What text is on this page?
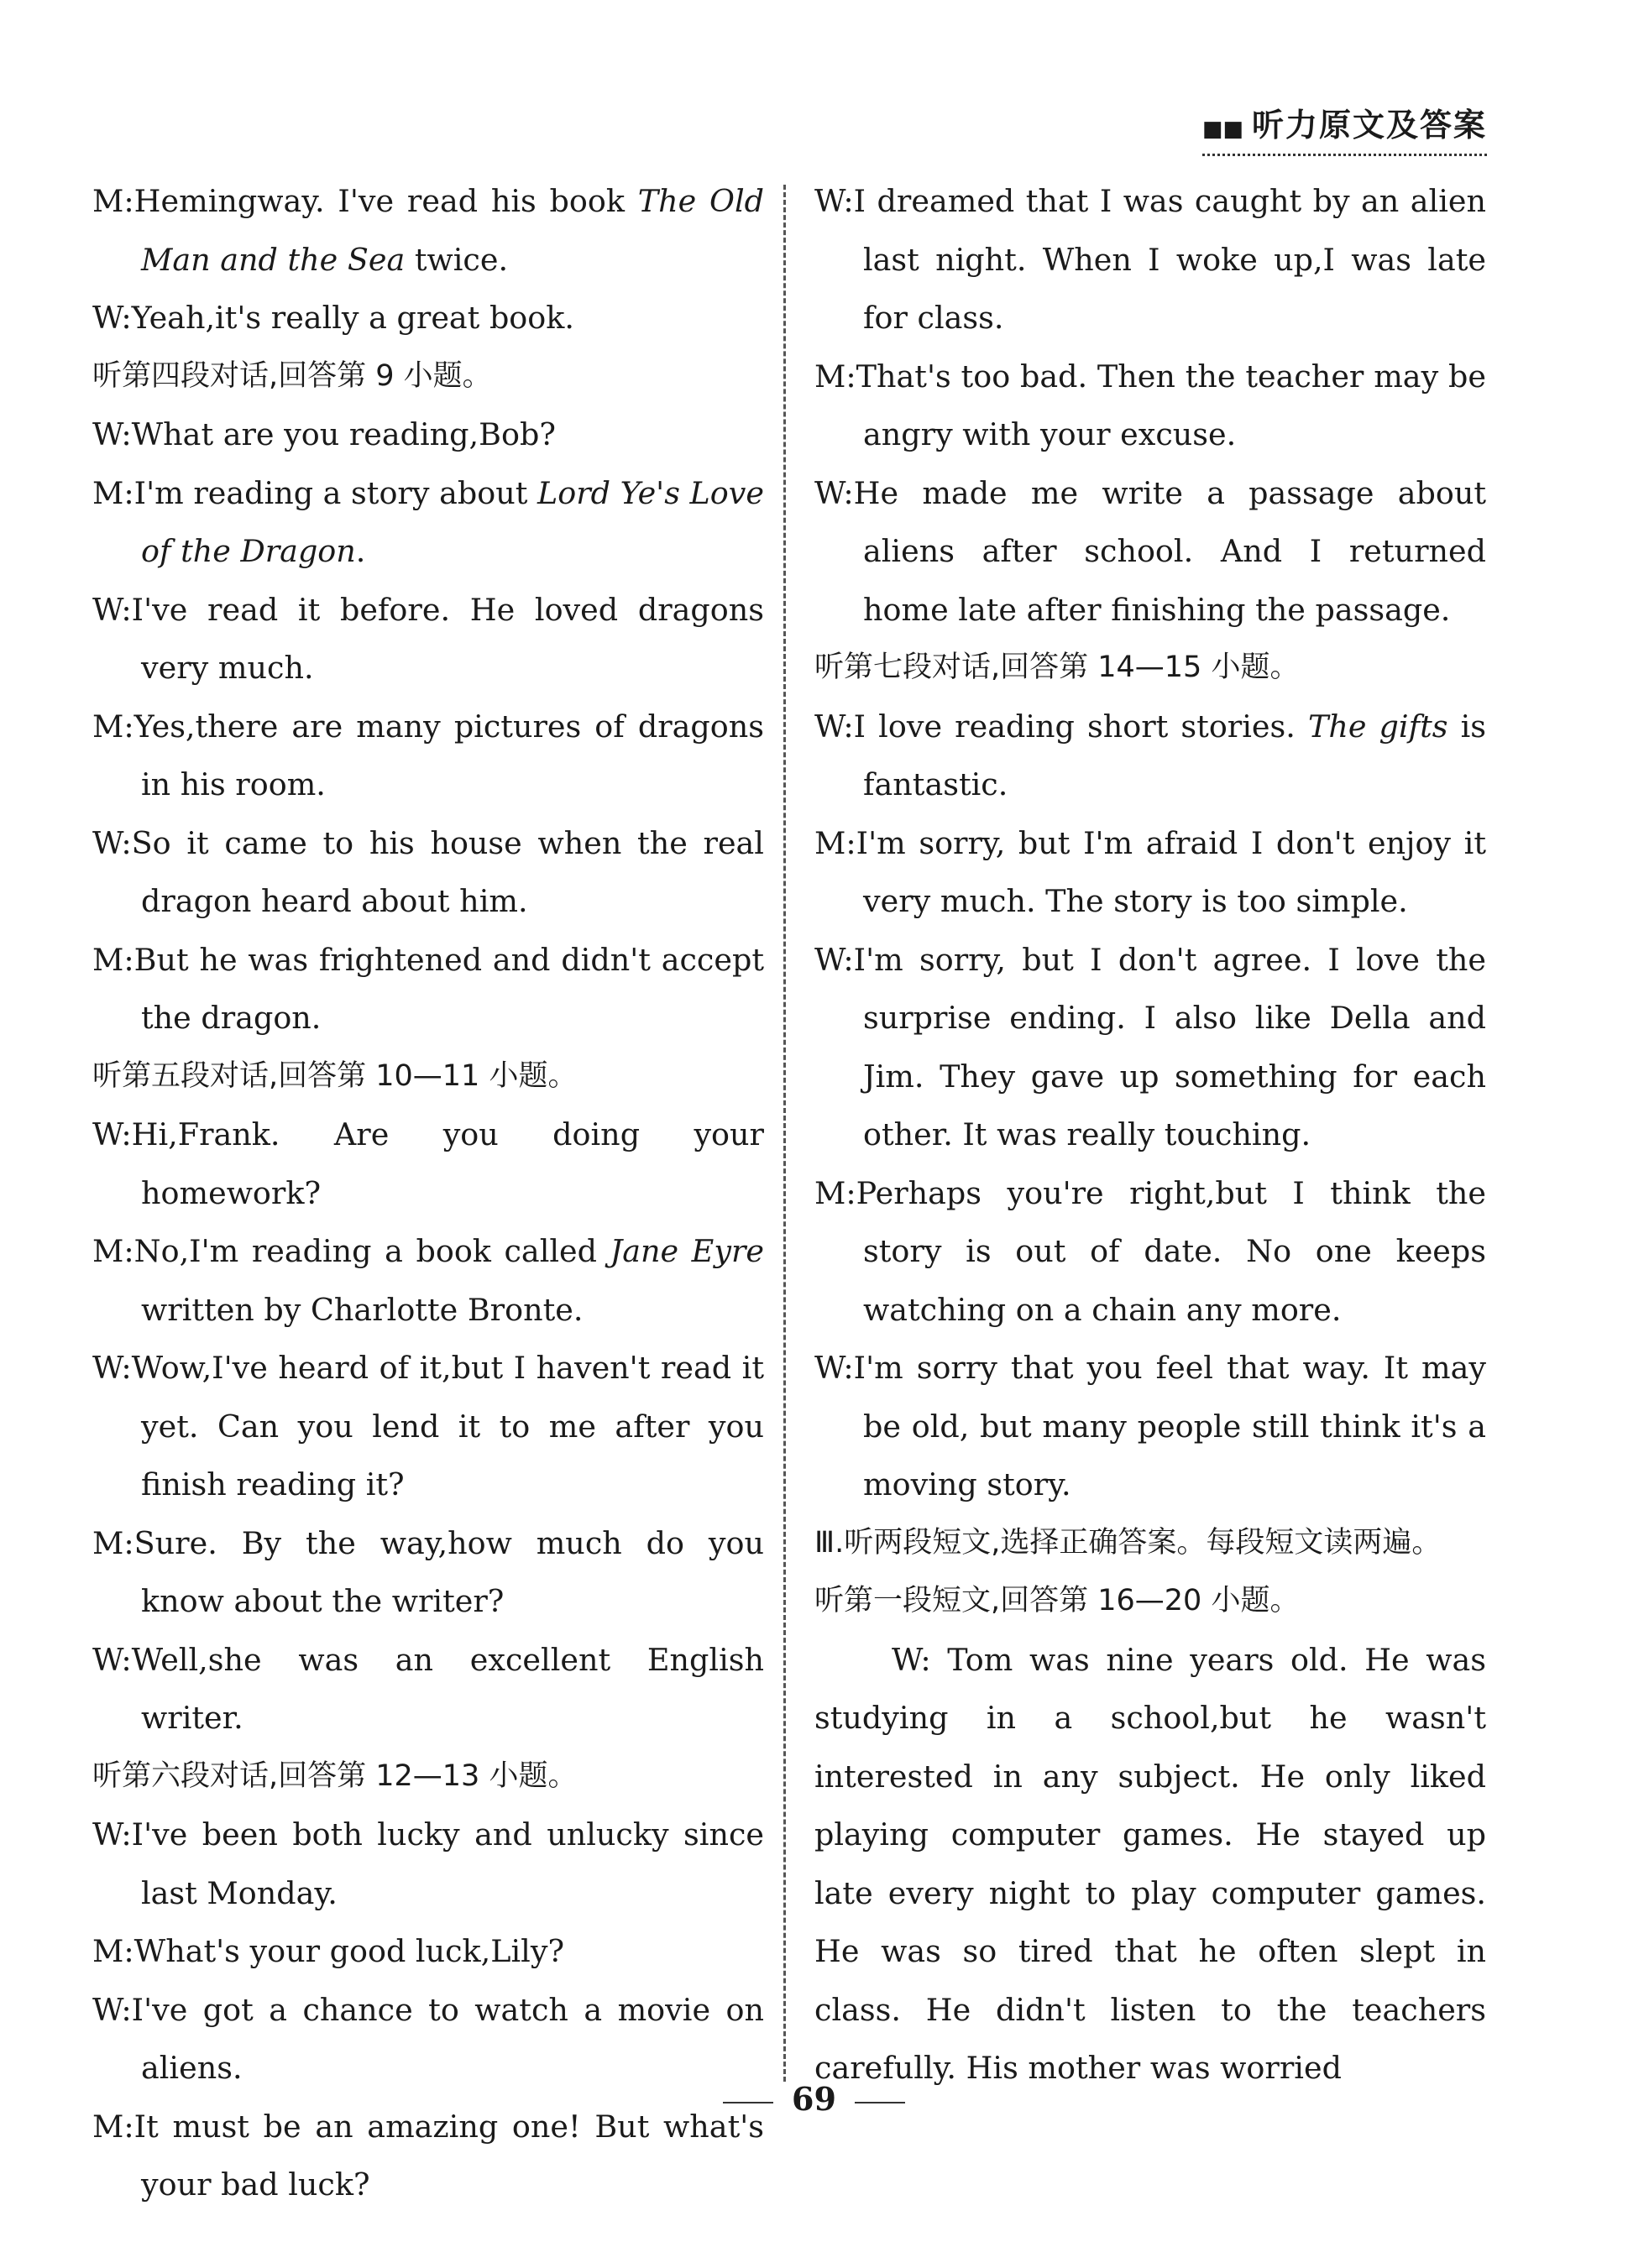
■■ 听力原文及答案
M:Hemingway. I've read his book The Old Man and the Sea twice.
W:Yeah,it's really a great book.
听第四段对话,回答第 9 小题。
W:What are you reading,Bob?
M:I'm reading a story about Lord Ye's Love of the Dragon.
W:I've read it before. He loved dragons very much.
M:Yes,there are many pictures of dragons in his room.
W:So it came to his house when the real dragon heard about him.
M:But he was frightened and didn't accept the dragon.
听第五段对话,回答第 10—11 小题。
W:Hi,Frank. Are you doing your homework?
M:No,I'm reading a book called Jane Eyre written by Charlotte Bronte.
W:Wow,I've heard of it,but I haven't read it yet. Can you lend it to me after you finish reading it?
M:Sure. By the way,how much do you know about the writer?
W:Well,she was an excellent English writer.
听第六段对话,回答第 12—13 小题。
W:I've been both lucky and unlucky since last Monday.
M:What's your good luck,Lily?
W:I've got a chance to watch a movie on aliens.
M:It must be an amazing one! But what's your bad luck?
W:I dreamed that I was caught by an alien last night. When I woke up,I was late for class.
M:That's too bad. Then the teacher may be angry with your excuse.
W:He made me write a passage about aliens after school. And I returned home late after finishing the passage.
听第七段对话,回答第 14—15 小题。
W:I love reading short stories. The gifts is fantastic.
M:I'm sorry, but I'm afraid I don't enjoy it very much. The story is too simple.
W:I'm sorry, but I don't agree. I love the surprise ending. I also like Della and Jim. They gave up something for each other. It was really touching.
M:Perhaps you're right,but I think the story is out of date. No one keeps watching on a chain any more.
W:I'm sorry that you feel that way. It may be old, but many people still think it's a moving story.
Ⅲ.听两段短文,选择正确答案。每段短文读两遍。
听第一段短文,回答第 16—20 小题。
W: Tom was nine years old. He was studying in a school,but he wasn't interested in any subject. He only liked playing computer games. He stayed up late every night to play computer games. He was so tired that he often slept in class. He didn't listen to the teachers carefully. His mother was worried
69
